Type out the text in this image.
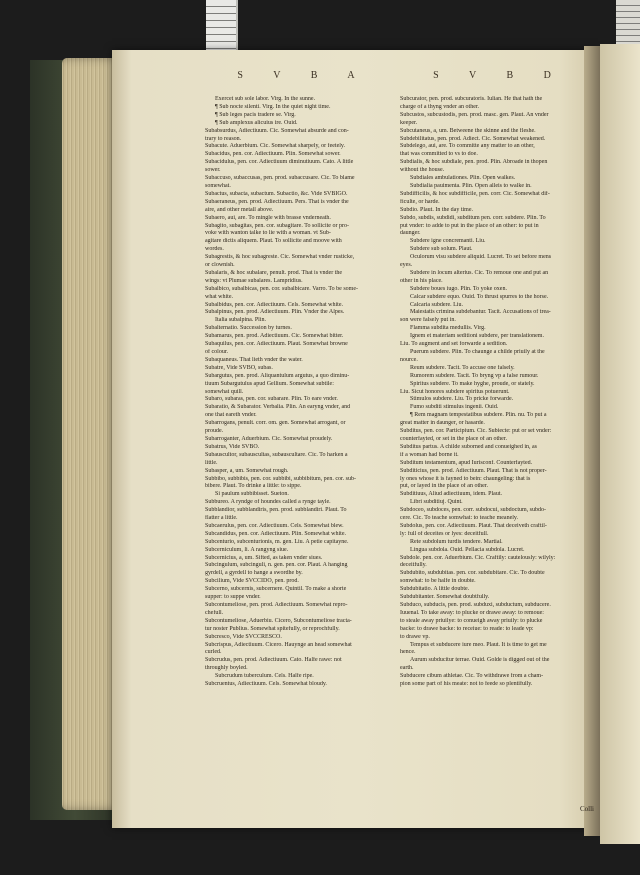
S V B A
Exercet sub sole labor. Virg. In the sunne.
¶ Sub nocte silenti. Virg. In the quiet night time.
¶ Sub leges pacis tradere se. Virg.
¶ Sub amplexus alicuius ire. Ouid.
Subabsurdus, Adiectiuum. Cic. Somewhat absurde and con-
trary to reason.
Subacute. Aduerbium. Cic. Somewhat sharpely, or feetely.
Subacidus, pen. cor. Adiectiuum. Plin. Somewhat sower.
Subacidulus, pen. cor. Adiectiuum diminutiuum. Cato. A little
sower.
Subaccuso, subaccusas, pen. prod. subaccusare. Cic. To blame
somewhat.
Subactus, subacta, subactum. Subactio, &c. Vide SVBIGO.
Subaeraneus, pen. prod. Adiectiuum. Pers. That is vnder the
aire, and other metall above.
Subaero, aui, are. To mingle with brasse vnderneath.
Subagito, subagitas, pen. cor. subagitare. To sollicite or pro-
voke with wanton talke to lie with a woman. vt Sub-
agitare dictis aliquem. Plaut. To sollicite and moove with
wordes.
Subagrestis, & hoc subagreste. Cic. Somewhat vnder rusticke,
or clownish.
Subalaris, & hoc subalare, penult. prod. That is vnder the
wings: vt Plumae subalares. Lampridius.
Subalbico, subalbicas, pen. cor. subalbicare. Varro. To be some-
what white.
Subalbidus, pen. cor. Adiectiuum. Cels. Somewhat white.
Subalpinus, pen. prod. Adiectiuum. Plin. Vnder the Alpes.
Italia subalpina. Plin.
Subalternatio. Succession by turnes.
Subamarus, pen. prod. Adiectiuum. Cic. Somewhat bitter.
Subaquilus, pen. cor. Adiectiuum. Plaut. Somewhat browne
of colour.
Subaquaneus. That lieth vnder the water.
Subatre, Vide SVBO, subas.
Subargutus, pen. prod. Aliquantulum argutus, a quo diminu-
tiuum Subargutulus apud Gellium. Somewhat subtile:
somewhat quill.
Subaro, subaras, pen. cor. subarare. Plin. To eare vnder.
Subaratio, & Subarator. Verbalia. Plin. An earyng vnder, and
one that eareth vnder.
Subarrogans, penult. corr. om. gen. Somewhat arrogant, or
proude.
Subarroganter, Aduerbium. Cic. Somewhat proudely.
Subatrus, Vide SVBO.
Subauscultor, subauscultas, subauscultare. Cic. To harken a
little.
Subasper, a, um. Somewhat rough.
Subbibo, subbibis, pen. cor. subbibi, subbibitum, pen. cor. sub-
bibere. Plaut. To drinke a little: to sippe.
Si paulum subbibisset. Sueton.
Subbureo. A ryndge of houndes called a rynge tayle.
Subblandior, subblandiris, pen. prod. subblandiri. Plaut. To
flatter a little.
Subcaerulus, pen. cor. Adiectiuum. Cels. Somewhat blew.
Subcandidus, pen. cor. Adiectiuum. Plin. Somewhat white.
Subcenturio, subcenturionis, m. gen. Liu. A petie capitayne.
Subcerniculum, li. A rangyng siue.
Subcernicius, a, um. Sifted, as taken vnder siues.
Subcingulum, subcinguli, n. gen. pen. cor. Plaut. A hanging
gyrdell, a gyrdell to hange a swordhe by.
Subcilium, Vide SVCCIDO, pen. prod.
Subcerno, subcernis, subcernere. Quintil. To make a shorte
supper: to suppe vnder.
Subcontumeliose, pen. prod. Adiectiuum. Somewhat repro-
chefull.
Subcontumeliose, Aduerbiu. Cicero, Subcontumeliose tracta-
tur noster Publius. Somewhat spitefully, or reprochfully.
Subcresco, Vide SVCCRESCO.
Subcrispus, Adiectiuum. Cicero. Hauynge an head somewhat
curled.
Subcrudus, pen. prod. Adiectiuum. Cato. Halfe rawe: not
throughly boyled.
Subcrudum tuberculum. Cels. Halfe ripe.
Subcruentus, Adiectiuum. Cels. Somewhat bloudy.
S V B D
Subcurator, pen. prod. subcuratoris. Iulian. He that hath the
charge of a thyng vnder an other.
Subcustos, subcustodis, pen. prod. masc. gen. Plaut. An vnder
keeper.
Subcutaneus, a, um. Betweene the skinne and the fleshe.
Subdebilitatus, pen. prod. Adiect. Cic. Somewhat weakened.
Subdelego, aui, are. To committe any matter to an other,
that was committed to vs to doe.
Subdialis, & hoc subdiale, pen. prod. Plin. Abroade in thopen
without the house.
Subdiales ambulationes. Plin. Open walkes.
Subdialia pauimenta. Plin. Open alleis to walke in.
Subdifficilis, & hoc subdifficile, pen. corr. Cic. Somewhat dif-
ficulte, or harde.
Subdio. Plaut. In the day time.
Subdo, subdis, subdidi, subditum pen. corr. subdere. Plin. To
put vnder: to adde to put in the place of an other: to put in
daunger.
Subdere igne concremanti. Liu.
Subdere sub solum. Plaut.
Oculorum visu subdere aliquid. Lucret. To set before mens
eyes.
Subdere in locum alterius. Cic. To remoue one and put an
other in his place.
Subdere boues iugo. Plin. To yoke oxen.
Calcar subdere equo. Ouid. To thrust spurres to the horse.
Calcaria subdere. Liu.
Maiestatis crimina subdebantur. Tacit. Accusations of trea-
son were falsely put in.
Flamma subdita medullis. Virg.
Ignem et materiam seditioni subdere, per translationem.
Liu. To augment and set forwarde a sedition.
Puerum subdere. Plin. To chaunge a childe priuily at the
nource.
Reum subdere. Tacit. To accuse one falsely.
Rumorem subdere. Tacit. To bryng vp a false rumour.
Spiritus subdere. To make hyghe, proude, or stately.
Liu. Sicut honores subdere spiritus potuerunt.
Stimulos subdere. Liu. To pricke forwarde.
Fumo subditi stimulus ingenii. Ouid.
¶ Rem magnam tempestatibus subdere. Plin. nu. To put a
great matter in daunger, or hasarde.
Subditus, pen. cor. Participium. Cic. Subiecte: put or set vnder:
counterfayted, or set in the place of an other.
Subditus partus. A childe suborned and conueighed in, as
if a woman had borne it.
Subditum testamentum, apud Iurisconf. Counterfayted.
Subditicius, pen. prod. Adiectiuum. Plaut. That is not proper-
ly ones whose it is fayned to bein: chaungeling: that is
put, or layed in the place of an other.
Subditiuus, Aliud adiectiuum, idem. Plaut.
Libri subditiuj. Quint.
Subdoceo, subdoces, pen. corr. subdocui, subdoctum, subdo-
cere. Cic. To teache somwhat: to teache meanely.
Subdolus, pen. cor. Adiectiuum. Plaut. That deceiveth craftil-
ly: full of deceites or lyes: deceitfull.
Rete subdolum turdis tendere. Martial.
Lingua subdola. Ouid. Pellacia subdola. Lucret.
Subdole. pen. cor. Aduerbium. Cic. Craftily: cautelously: wilyly:
deceitfully.
Subdubito, subdubitas. pen. cor. subdubitare. Cic. To doubte
somwhat: to be halfe in doubte.
Subdubitatio. A little doubte.
Subdubitanter. Somewhat doubtfully.
Subduco, subducis, pen. prod. subduxi, subductum, subducere.
Iuuenal. To take away: to plucke or drawe away: to remoue:
to steale away priuilye: to conueigh away priuily: to plucke
backe: to drawe backe: to receiue: to reade: to leade vp:
to drawe vp.
Tempus et subducere iure meo. Plaut. It is time to get me
hence.
Aurum subducitur terrae. Ouid. Golde is digged out of the
earth.
Subducere cibum athletae. Cic. To withdrawe from a cham-
pion some part of his meate: not to feede so plentifully.
Colli
